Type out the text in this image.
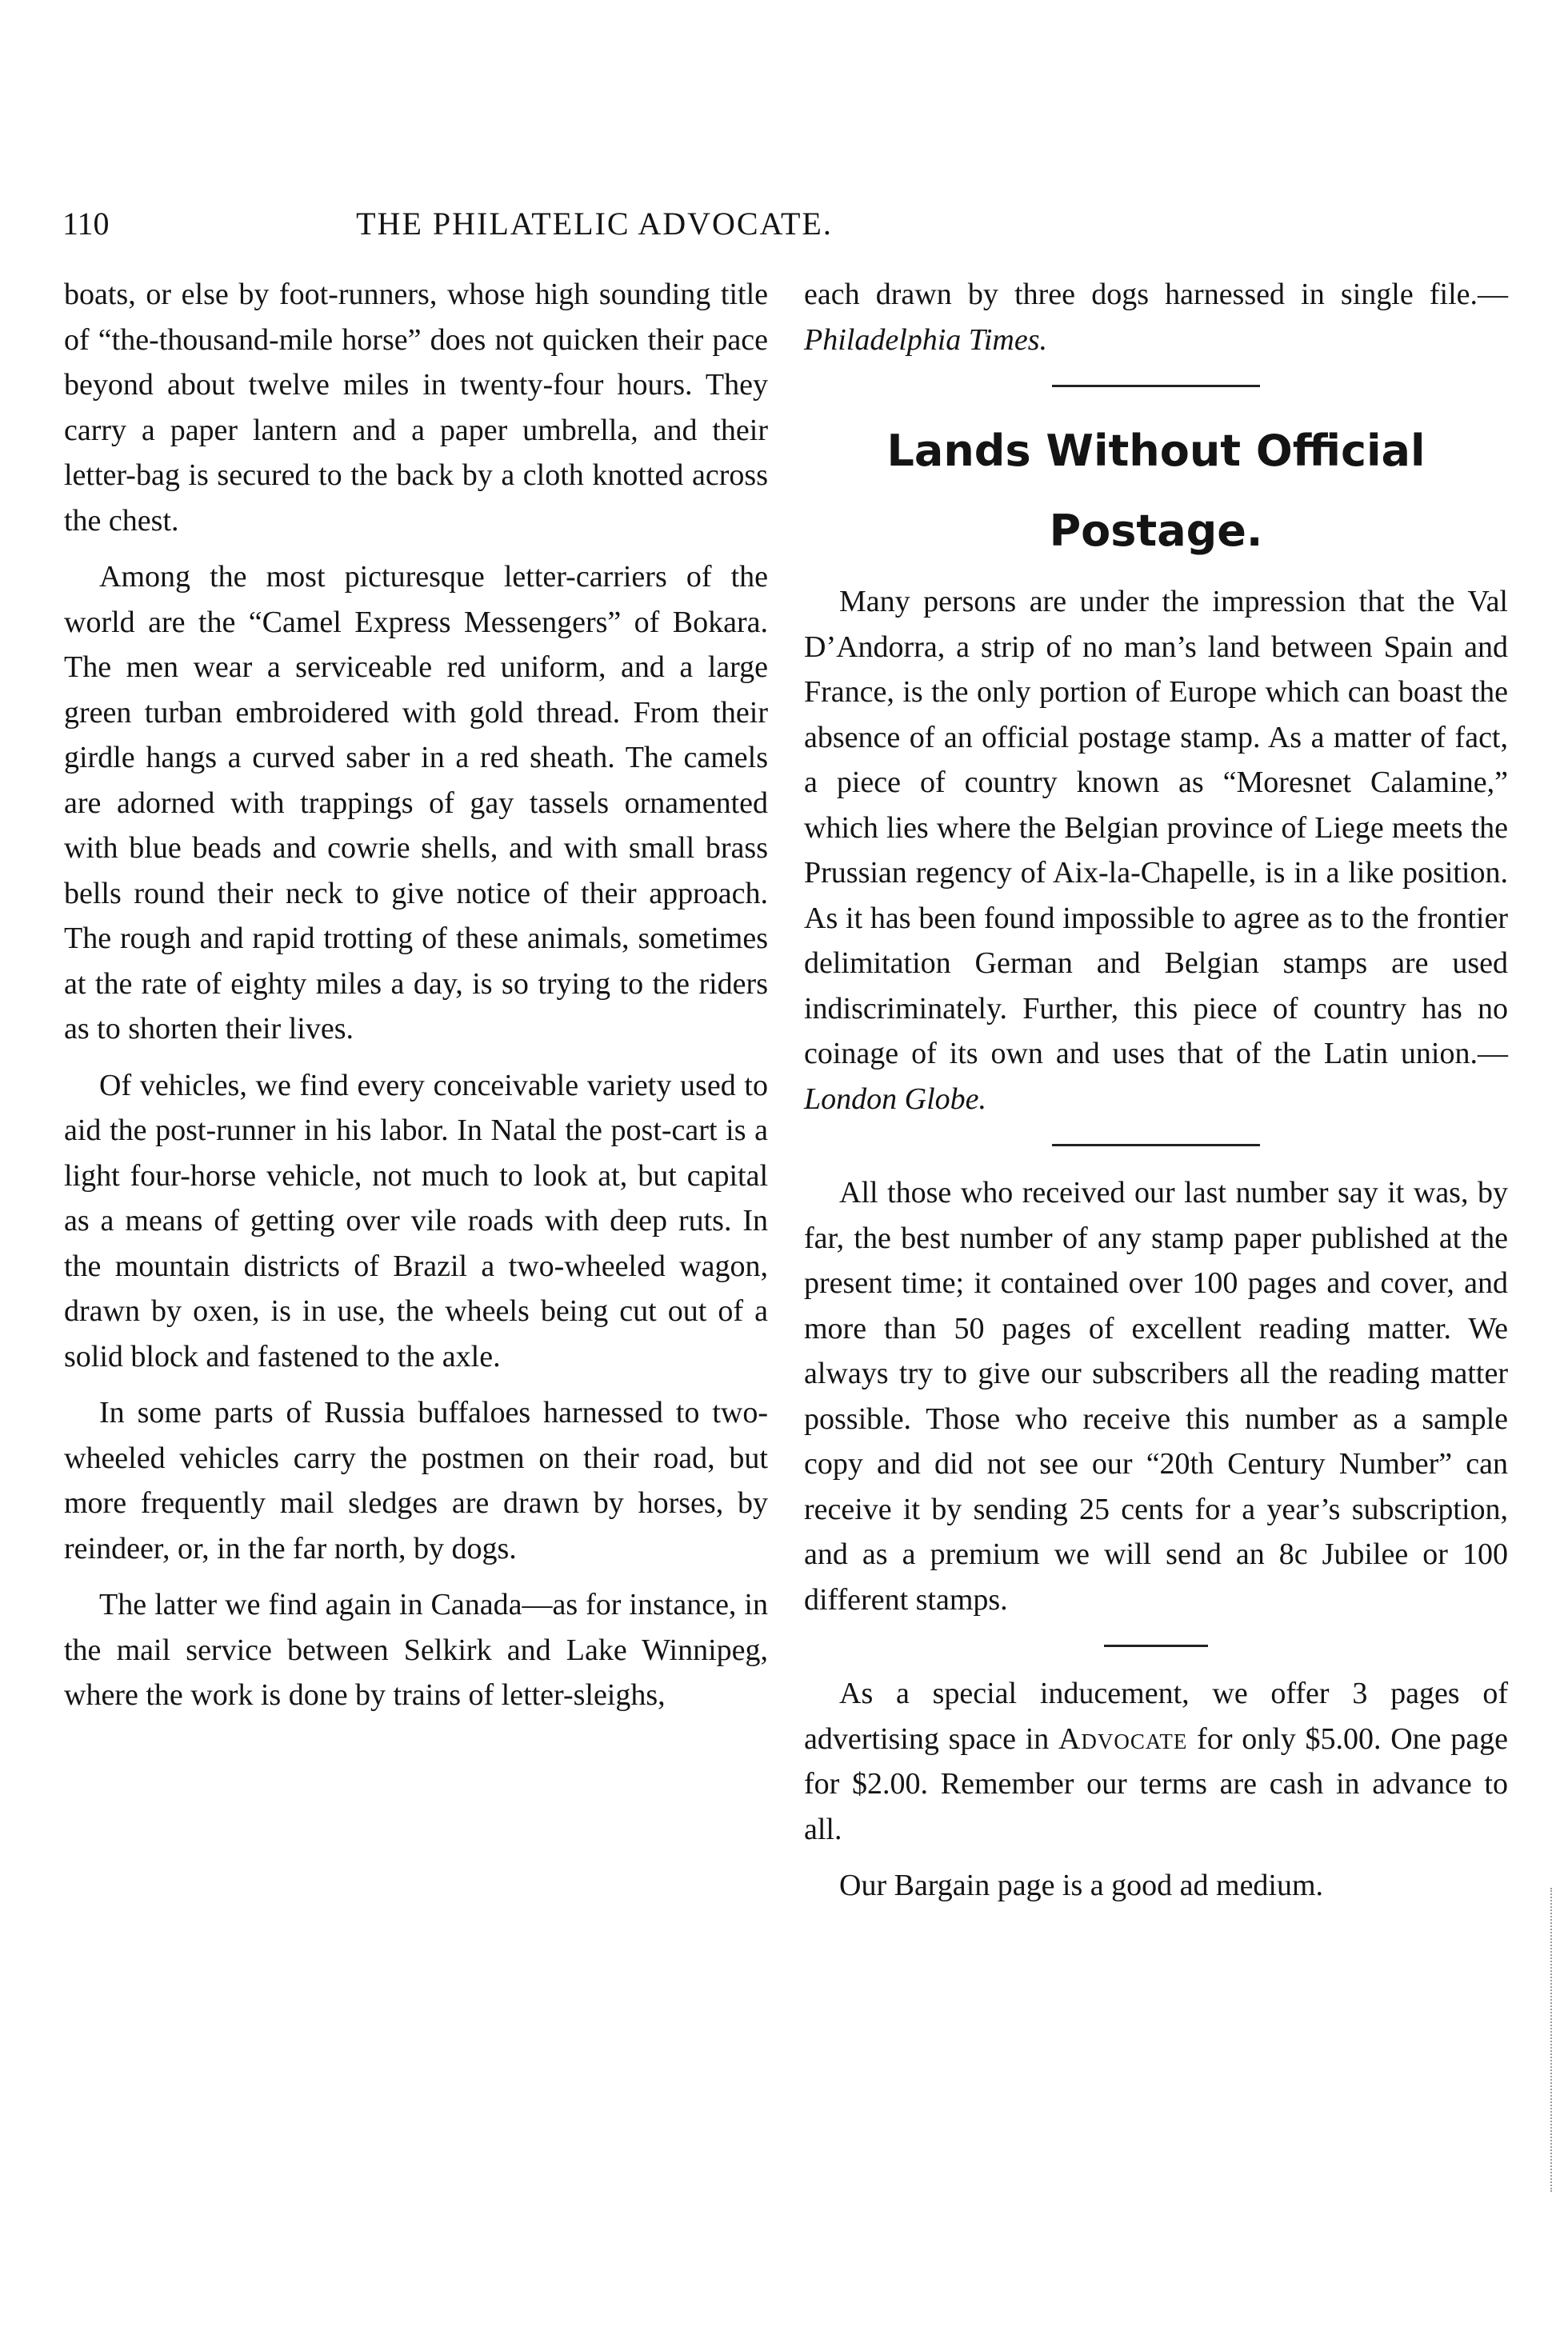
110	THE PHILATELIC ADVOCATE.

boats, or else by foot-runners, whose high sounding title of “the-thousand-mile horse” does not quicken their pace beyond about twelve miles in twenty-four hours. They carry a paper lantern and a paper umbrella, and their letter-bag is secured to the back by a cloth knotted across the chest.

Among the most picturesque letter-carriers of the world are the “Camel Express Messengers” of Bokara. The men wear a serviceable red uniform, and a large green turban embroidered with gold thread. From their girdle hangs a curved saber in a red sheath. The camels are adorned with trappings of gay tassels ornamented with blue beads and cowrie shells, and with small brass bells round their neck to give notice of their approach. The rough and rapid trotting of these animals, sometimes at the rate of eighty miles a day, is so trying to the riders as to shorten their lives.

Of vehicles, we find every conceivable variety used to aid the post-runner in his labor. In Natal the post-cart is a light four-horse vehicle, not much to look at, but capital as a means of getting over vile roads with deep ruts. In the mountain districts of Brazil a two-wheeled wagon, drawn by oxen, is in use, the wheels being cut out of a solid block and fastened to the axle.

In some parts of Russia buffaloes harnessed to two-wheeled vehicles carry the postmen on their road, but more frequently mail sledges are drawn by horses, by reindeer, or, in the far north, by dogs.

The latter we find again in Canada—as for instance, in the mail service between Selkirk and Lake Winnipeg, where the work is done by trains of letter-sleighs,

each drawn by three dogs harnessed in single file.—Philadelphia Times.

Lands Without Official
Postage.

Many persons are under the impression that the Val D’Andorra, a strip of no man’s land between Spain and France, is the only portion of Europe which can boast the absence of an official postage stamp. As a matter of fact, a piece of country known as “Moresnet Calamine,” which lies where the Belgian province of Liege meets the Prussian regency of Aix-la-Chapelle, is in a like position. As it has been found impossible to agree as to the frontier delimitation German and Belgian stamps are used indiscriminately. Further, this piece of country has no coinage of its own and uses that of the Latin union.—London Globe.

All those who received our last number say it was, by far, the best number of any stamp paper published at the present time; it contained over 100 pages and cover, and more than 50 pages of excellent reading matter. We always try to give our subscribers all the reading matter possible. Those who receive this number as a sample copy and did not see our “20th Century Number” can receive it by sending 25 cents for a year’s subscription, and as a premium we will send an 8c Jubilee or 100 different stamps.

As a special inducement, we offer 3 pages of advertising space in Advocate for only $5.00. One page for $2.00. Remember our terms are cash in advance to all.

Our Bargain page is a good ad medium.
